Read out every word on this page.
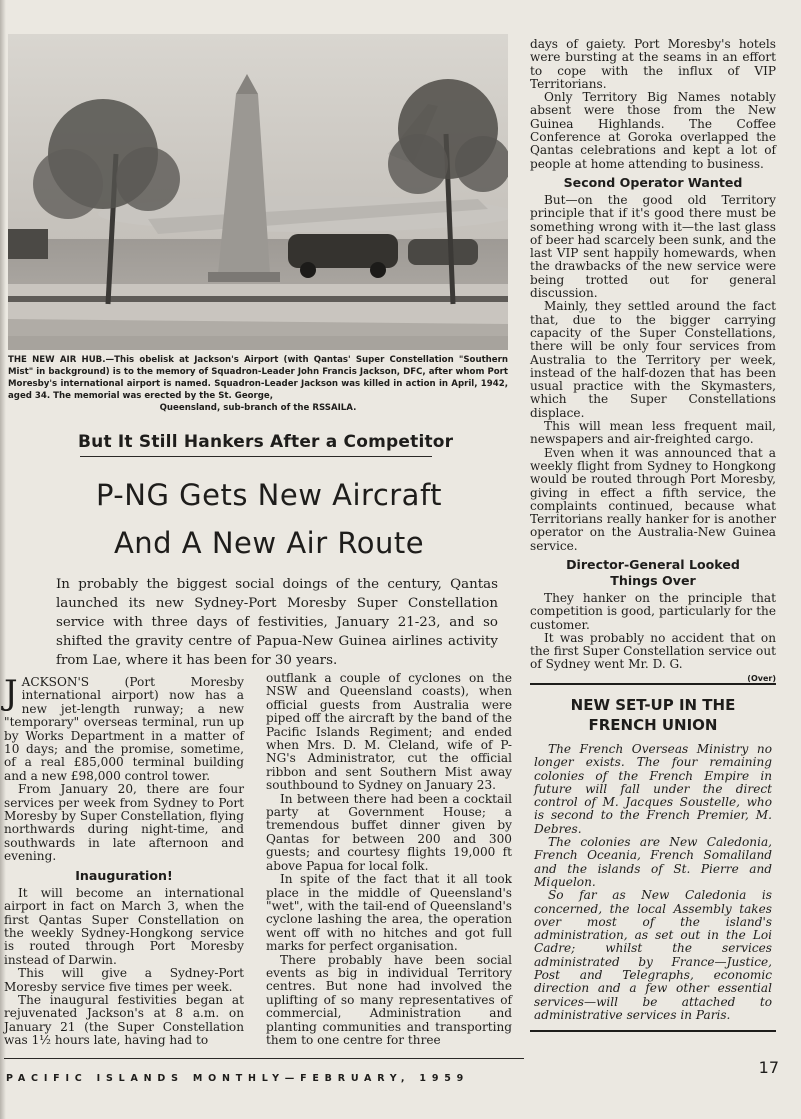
THE NEW AIR HUB.—This obelisk at Jackson's Airport (with Qantas' Super Constellation "Southern Mist" in background) is to the memory of Squadron-Leader John Francis Jackson, DFC, after whom Port Moresby's international airport is named. Squadron-Leader Jackson was killed in action in April, 1942, aged 34. The memorial was erected by the St. George,

Queensland, sub-branch of the RSSAILA.

But It Still Hankers After a Competitor
P-NG Gets New Aircraft
And A New Air Route

In probably the biggest social doings of the century, Qantas launched its new Sydney-Port Moresby Super Constellation service with three days of festivities, January 21-23, and so shifted the gravity centre of Papua-New Guinea airlines activity from Lae, where it has been for 30 years.

JACKSON'S (Port Moresby international airport) now has a new jet-length runway; a new "temporary" overseas terminal, run up by Works Department in a matter of 10 days; and the promise, sometime, of a real £85,000 terminal building and a new £98,000 control tower.

From January 20, there are four services per week from Sydney to Port Moresby by Super Constellation, flying northwards during night-time, and southwards in late afternoon and evening.

Inauguration!

It will become an international airport in fact on March 3, when the first Qantas Super Constellation on the weekly Sydney-Hongkong service is routed through Port Moresby instead of Darwin.

This will give a Sydney-Port Moresby service five times per week.

The inaugural festivities began at rejuvenated Jackson's at 8 a.m. on January 21 (the Super Constellation was 1½ hours late, having had to

outflank a couple of cyclones on the NSW and Queensland coasts), when official guests from Australia were piped off the aircraft by the band of the Pacific Islands Regiment; and ended when Mrs. D. M. Cleland, wife of P-NG's Administrator, cut the official ribbon and sent Southern Mist away southbound to Sydney on January 23.

In between there had been a cocktail party at Government House; a tremendous buffet dinner given by Qantas for between 200 and 300 guests; and courtesy flights 19,000 ft above Papua for local folk.

In spite of the fact that it all took place in the middle of Queensland's "wet", with the tail-end of Queensland's cyclone lashing the area, the operation went off with no hitches and got full marks for perfect organisation.

There probably have been social events as big in individual Territory centres. But none had involved the uplifting of so many representatives of commercial, Administration and planting communities and transporting them to one centre for three

days of gaiety. Port Moresby's hotels were bursting at the seams in an effort to cope with the influx of VIP Territorians.

Only Territory Big Names notably absent were those from the New Guinea Highlands. The Coffee Conference at Goroka overlapped the Qantas celebrations and kept a lot of people at home attending to business.

Second Operator Wanted

But—on the good old Territory principle that if it's good there must be something wrong with it—the last glass of beer had scarcely been sunk, and the last VIP sent happily homewards, when the drawbacks of the new service were being trotted out for general discussion.

Mainly, they settled around the fact that, due to the bigger carrying capacity of the Super Constellations, there will be only four services from Australia to the Territory per week, instead of the half-dozen that has been usual practice with the Skymasters, which the Super Constellations displace.

This will mean less frequent mail, newspapers and air-freighted cargo.

Even when it was announced that a weekly flight from Sydney to Hongkong would be routed through Port Moresby, giving in effect a fifth service, the complaints continued, because what Territorians really hanker for is another operator on the Australia-New Guinea service.

Director-General Looked
Things Over

They hanker on the principle that competition is good, particularly for the customer.

It was probably no accident that on the first Super Constellation service out of Sydney went Mr. D. G.

(Over)

NEW SET-UP IN THE
FRENCH UNION

The French Overseas Ministry no longer exists. The four remaining colonies of the French Empire in future will fall under the direct control of M. Jacques Soustelle, who is second to the French Premier, M. Debres.

The colonies are New Caledonia, French Oceania, French Somaliland and the islands of St. Pierre and Miquelon.

So far as New Caledonia is concerned, the local Assembly takes over most of the island's administration, as set out in the Loi Cadre; whilst the services administrated by France—Justice, Post and Telegraphs, economic direction and a few other essential services—will be attached to administrative services in Paris.

PACIFIC ISLANDS MONTHLY—FEBRUARY, 1959
17
